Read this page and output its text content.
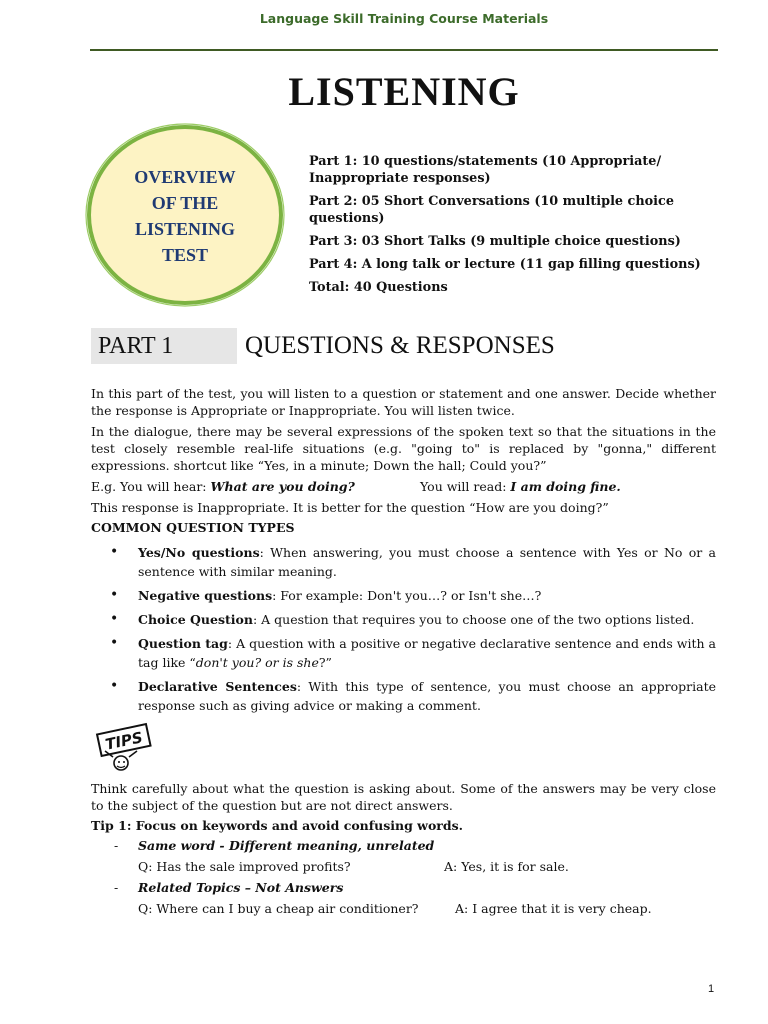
Language Skill Training Course Materials
LISTENING
OVERVIEW
OF THE
LISTENING
TEST
Part 1: 10 questions/statements (10 Appropriate/ Inappropriate responses)
Part 2: 05 Short Conversations (10 multiple choice questions)
Part 3: 03 Short Talks (9 multiple choice questions)
Part 4: A long talk or lecture (11 gap filling questions)
Total: 40 Questions
PART 1	QUESTIONS & RESPONSES
In this part of the test, you will listen to a question or statement and one answer. Decide whether the response is Appropriate or Inappropriate. You will listen twice.
In the dialogue, there may be several expressions of the spoken text so that the situations in the test closely resemble real-life situations (e.g. "going to" is replaced by "gonna," different expressions. shortcut like “Yes, in a minute; Down the hall; Could you?”
E.g. You will hear: What are you doing?	You will read: I am doing fine.
This response is Inappropriate. It is better for the question “How are you doing?”
COMMON QUESTION TYPES
• Yes/No questions: When answering, you must choose a sentence with Yes or No or a sentence with similar meaning.
• Negative questions: For example: Don't you…? or Isn't she…?
• Choice Question: A question that requires you to choose one of the two options listed.
• Question tag: A question with a positive or negative declarative sentence and ends with a tag like “don't you? or is she?”
• Declarative Sentences: With this type of sentence, you must choose an appropriate response such as giving advice or making a comment.
TIPS
Think carefully about what the question is asking about. Some of the answers may be very close to the subject of the question but are not direct answers.
Tip 1: Focus on keywords and avoid confusing words.
- Same word - Different meaning, unrelated
Q: Has the sale improved profits?	A: Yes, it is for sale.
- Related Topics – Not Answers
Q: Where can I buy a cheap air conditioner?	A: I agree that it is very cheap.
1
